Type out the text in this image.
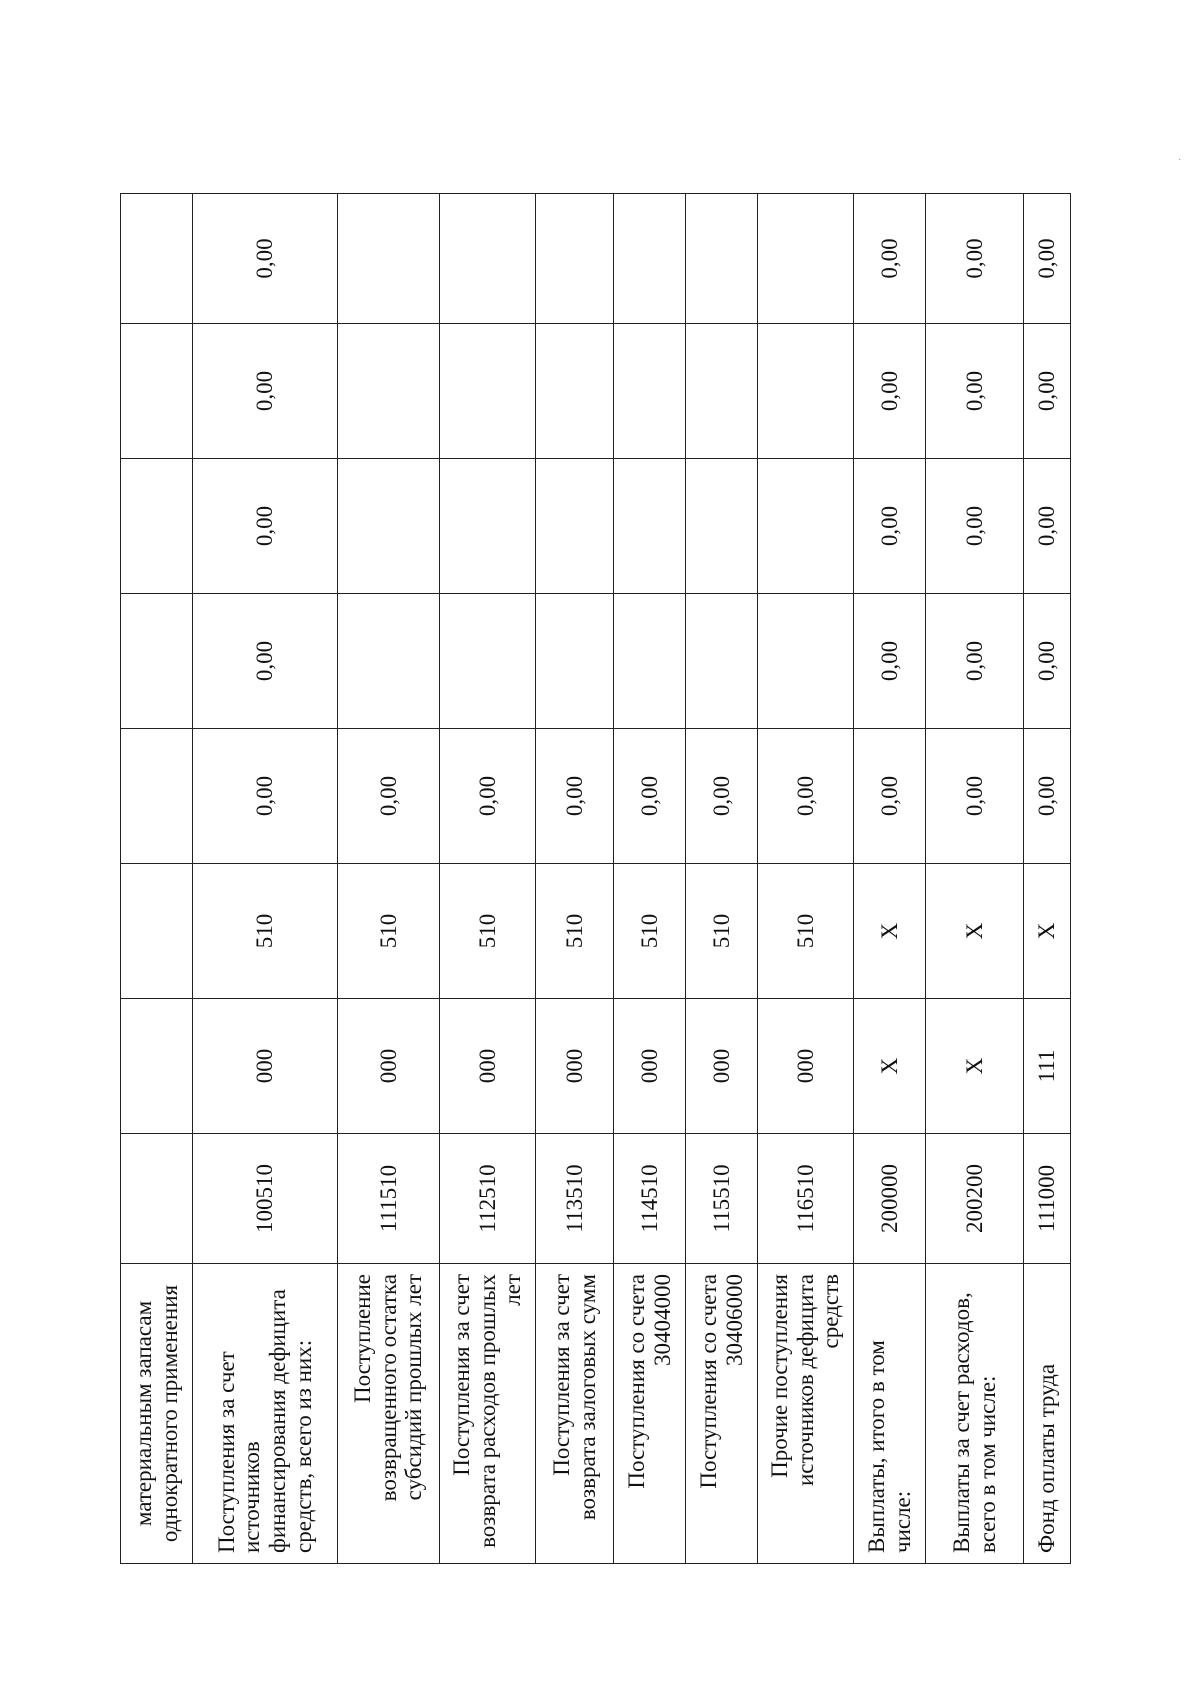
материальным запасам однократного применения								
Поступления за счет источников финансирования дефицита средств, всего из них:	100510	000	510	0,00	0,00	0,00	0,00	0,00
Поступление возвращенного остатка субсидий прошлых лет	111510	000	510	0,00				
Поступления за счет возврата расходов прошлых лет	112510	000	510	0,00				
Поступления за счет возврата залоговых сумм	113510	000	510	0,00				
Поступления со счета 30404000	114510	000	510	0,00				
Поступления со счета 30406000	115510	000	510	0,00				
Прочие поступления источников дефицита средств	116510	000	510	0,00				
Выплаты, итого в том числе:	200000	X	X	0,00	0,00	0,00	0,00	0,00
Выплаты за счет расходов, всего в том числе:	200200	X	X	0,00	0,00	0,00	0,00	0,00
Фонд оплаты труда	111000	111	X	0,00	0,00	0,00	0,00	0,00
·
